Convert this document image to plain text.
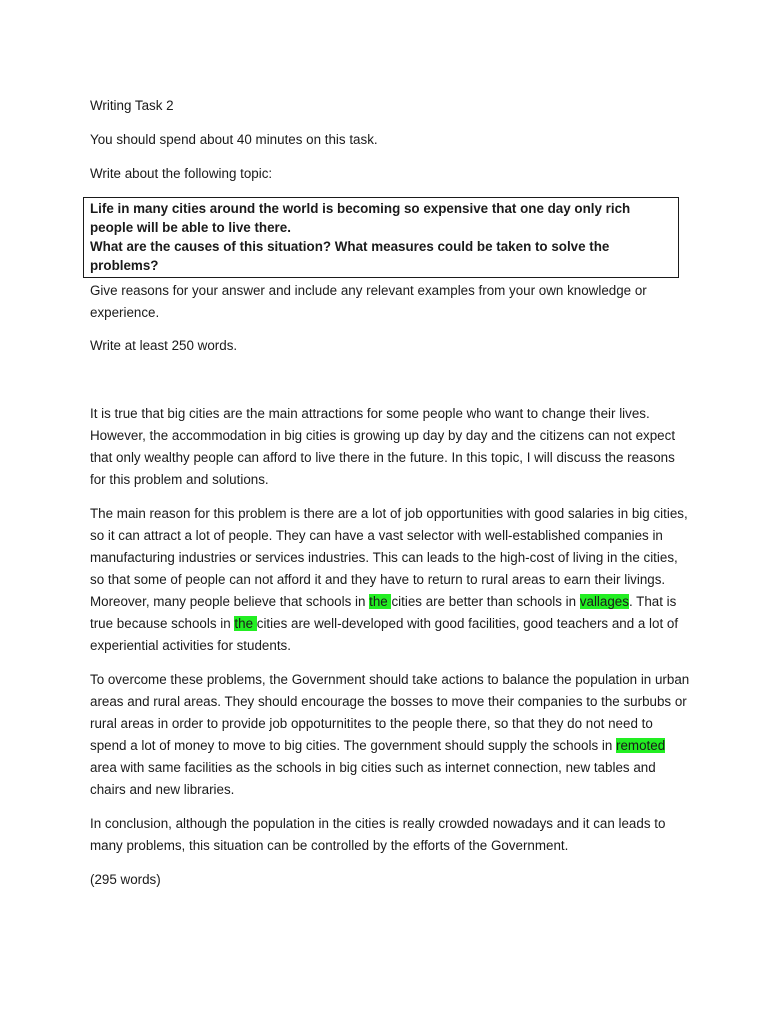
Writing Task 2

You should spend about 40 minutes on this task.

Write about the following topic:

Life in many cities around the world is becoming so expensive that one day only rich people will be able to live there.
What are the causes of this situation? What measures could be taken to solve the problems?

Give reasons for your answer and include any relevant examples from your own knowledge or experience.

Write at least 250 words.

It is true that big cities are the main attractions for some people who want to change their lives. However, the accommodation in big cities is growing up day by day and the citizens can not expect that only wealthy people can afford to live there in the future. In this topic, I will discuss the reasons for this problem and solutions.

The main reason for this problem is there are a lot of job opportunities with good salaries in big cities, so it can attract a lot of people. They can have a vast selector with well-established companies in manufacturing industries or services industries. This can leads to the high-cost of living in the cities, so that some of people can not afford it and they have to return to rural areas to earn their livings. Moreover, many people believe that schools in the cities are better than schools in vallages. That is true because schools in the cities are well-developed with good facilities, good teachers and a lot of experiential activities for students.

To overcome these problems, the Government should take actions to balance the population in urban areas and rural areas. They should encourage the bosses to move their companies to the surbubs or rural areas in order to provide job oppoturnitites to the people there, so that they do not need to spend a lot of money to move to big cities. The government should supply the schools in remoted area with same facilities as the schools in big cities such as internet connection, new tables and chairs and new libraries.

In conclusion, although the population in the cities is really crowded nowadays and it can leads to many problems, this situation can be controlled by the efforts of the Government.

(295 words)
